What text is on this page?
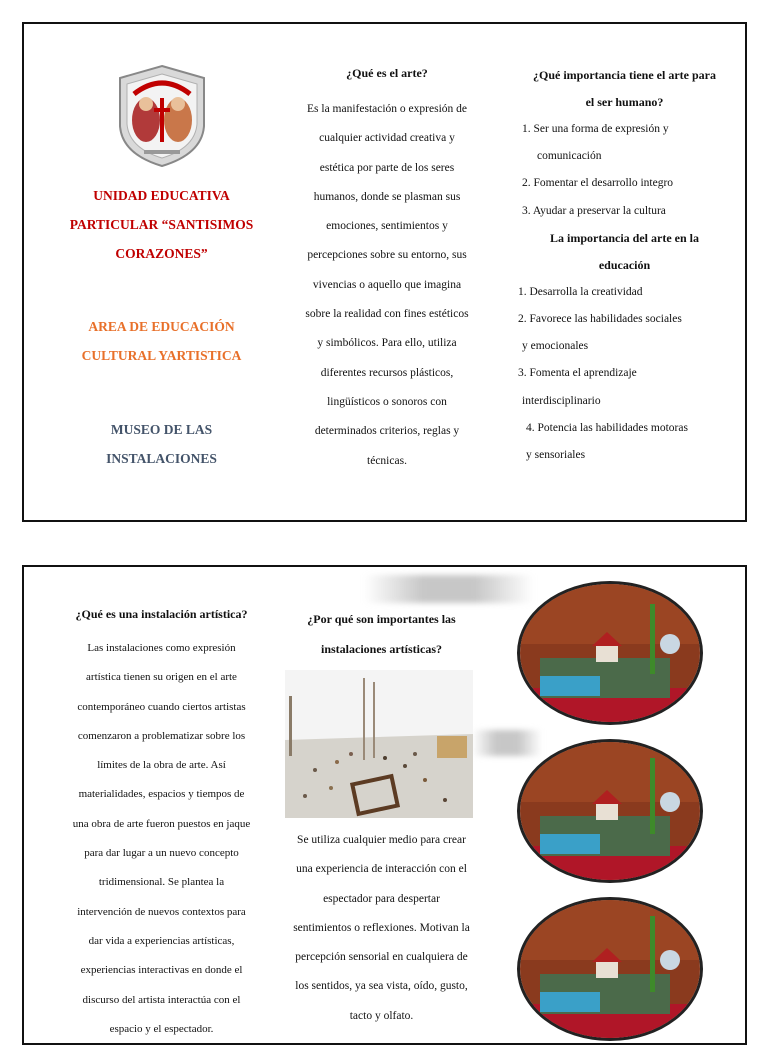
UNIDAD EDUCATIVA
PARTICULAR “SANTISIMOS
CORAZONES”
AREA DE EDUCACIÓN
CULTURAL YARTISTICA
MUSEO DE LAS
INSTALACIONES
¿Qué es el arte?
Es la manifestación o expresión de
cualquier actividad creativa y
estética por parte de los seres
humanos, donde se plasman sus
emociones, sentimientos y
percepciones sobre su entorno, sus
vivencias o aquello que imagina
sobre la realidad con fines estéticos
y simbólicos. Para ello, utiliza
diferentes recursos plásticos,
lingüísticos o sonoros con
determinados criterios, reglas y
técnicas.
¿Qué importancia tiene el arte para
el ser humano?
1. Ser una forma de expresión y
comunicación
2. Fomentar el desarrollo integro
3. Ayudar a preservar la cultura
La importancia del arte en la
educación
1. Desarrolla la creatividad
2. Favorece las habilidades sociales
y emocionales
3. Fomenta el aprendizaje
interdisciplinario
4. Potencia las habilidades motoras
y sensoriales
¿Qué es una instalación artística?
Las instalaciones como expresión
artística tienen su origen en el arte
contemporáneo cuando ciertos artistas
comenzaron a problematizar sobre los
límites de la obra de arte. Así
materialidades, espacios y tiempos de
una obra de arte fueron puestos en jaque
para dar lugar a un nuevo concepto
tridimensional. Se plantea la
intervención de nuevos contextos para
dar vida a experiencias artísticas,
experiencias interactivas en donde el
discurso del artista interactúa con el
espacio y el espectador.
¿Por qué son importantes las
instalaciones artísticas?
Se utiliza cualquier medio para crear
una experiencia de interacción con el
espectador para despertar
sentimientos o reflexiones. Motivan la
percepción sensorial en cualquiera de
los sentidos, ya sea vista, oído, gusto,
tacto y olfato.
